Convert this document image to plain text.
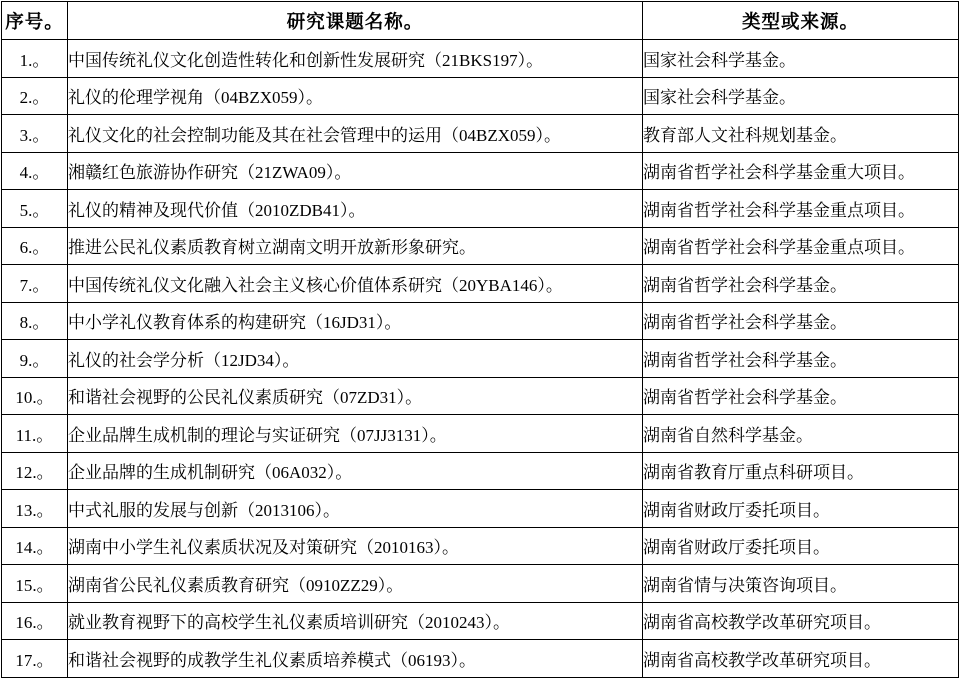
序号。	研究课题名称。	类型或来源。
1.。	中国传统礼仪文化创造性转化和创新性发展研究（21BKS197）。	国家社会科学基金。
2.。	礼仪的伦理学视角（04BZX059）。	国家社会科学基金。
3.。	礼仪文化的社会控制功能及其在社会管理中的运用（04BZX059）。	教育部人文社科规划基金。
4.。	湘赣红色旅游协作研究（21ZWA09）。	湖南省哲学社会科学基金重大项目。
5.。	礼仪的精神及现代价值（2010ZDB41）。	湖南省哲学社会科学基金重点项目。
6.。	推进公民礼仪素质教育树立湖南文明开放新形象研究。	湖南省哲学社会科学基金重点项目。
7.。	中国传统礼仪文化融入社会主义核心价值体系研究（20YBA146）。	湖南省哲学社会科学基金。
8.。	中小学礼仪教育体系的构建研究（16JD31）。	湖南省哲学社会科学基金。
9.。	礼仪的社会学分析（12JD34）。	湖南省哲学社会科学基金。
10.。	和谐社会视野的公民礼仪素质研究（07ZD31）。	湖南省哲学社会科学基金。
11.。	企业品牌生成机制的理论与实证研究（07JJ3131）。	湖南省自然科学基金。
12.。	企业品牌的生成机制研究（06A032）。	湖南省教育厅重点科研项目。
13.。	中式礼服的发展与创新（2013106）。	湖南省财政厅委托项目。
14.。	湖南中小学生礼仪素质状况及对策研究（2010163）。	湖南省财政厅委托项目。
15.。	湖南省公民礼仪素质教育研究（0910ZZ29）。	湖南省情与决策咨询项目。
16.。	就业教育视野下的高校学生礼仪素质培训研究（2010243）。	湖南省高校教学改革研究项目。
17.。	和谐社会视野的成教学生礼仪素质培养模式（06193）。	湖南省高校教学改革研究项目。
